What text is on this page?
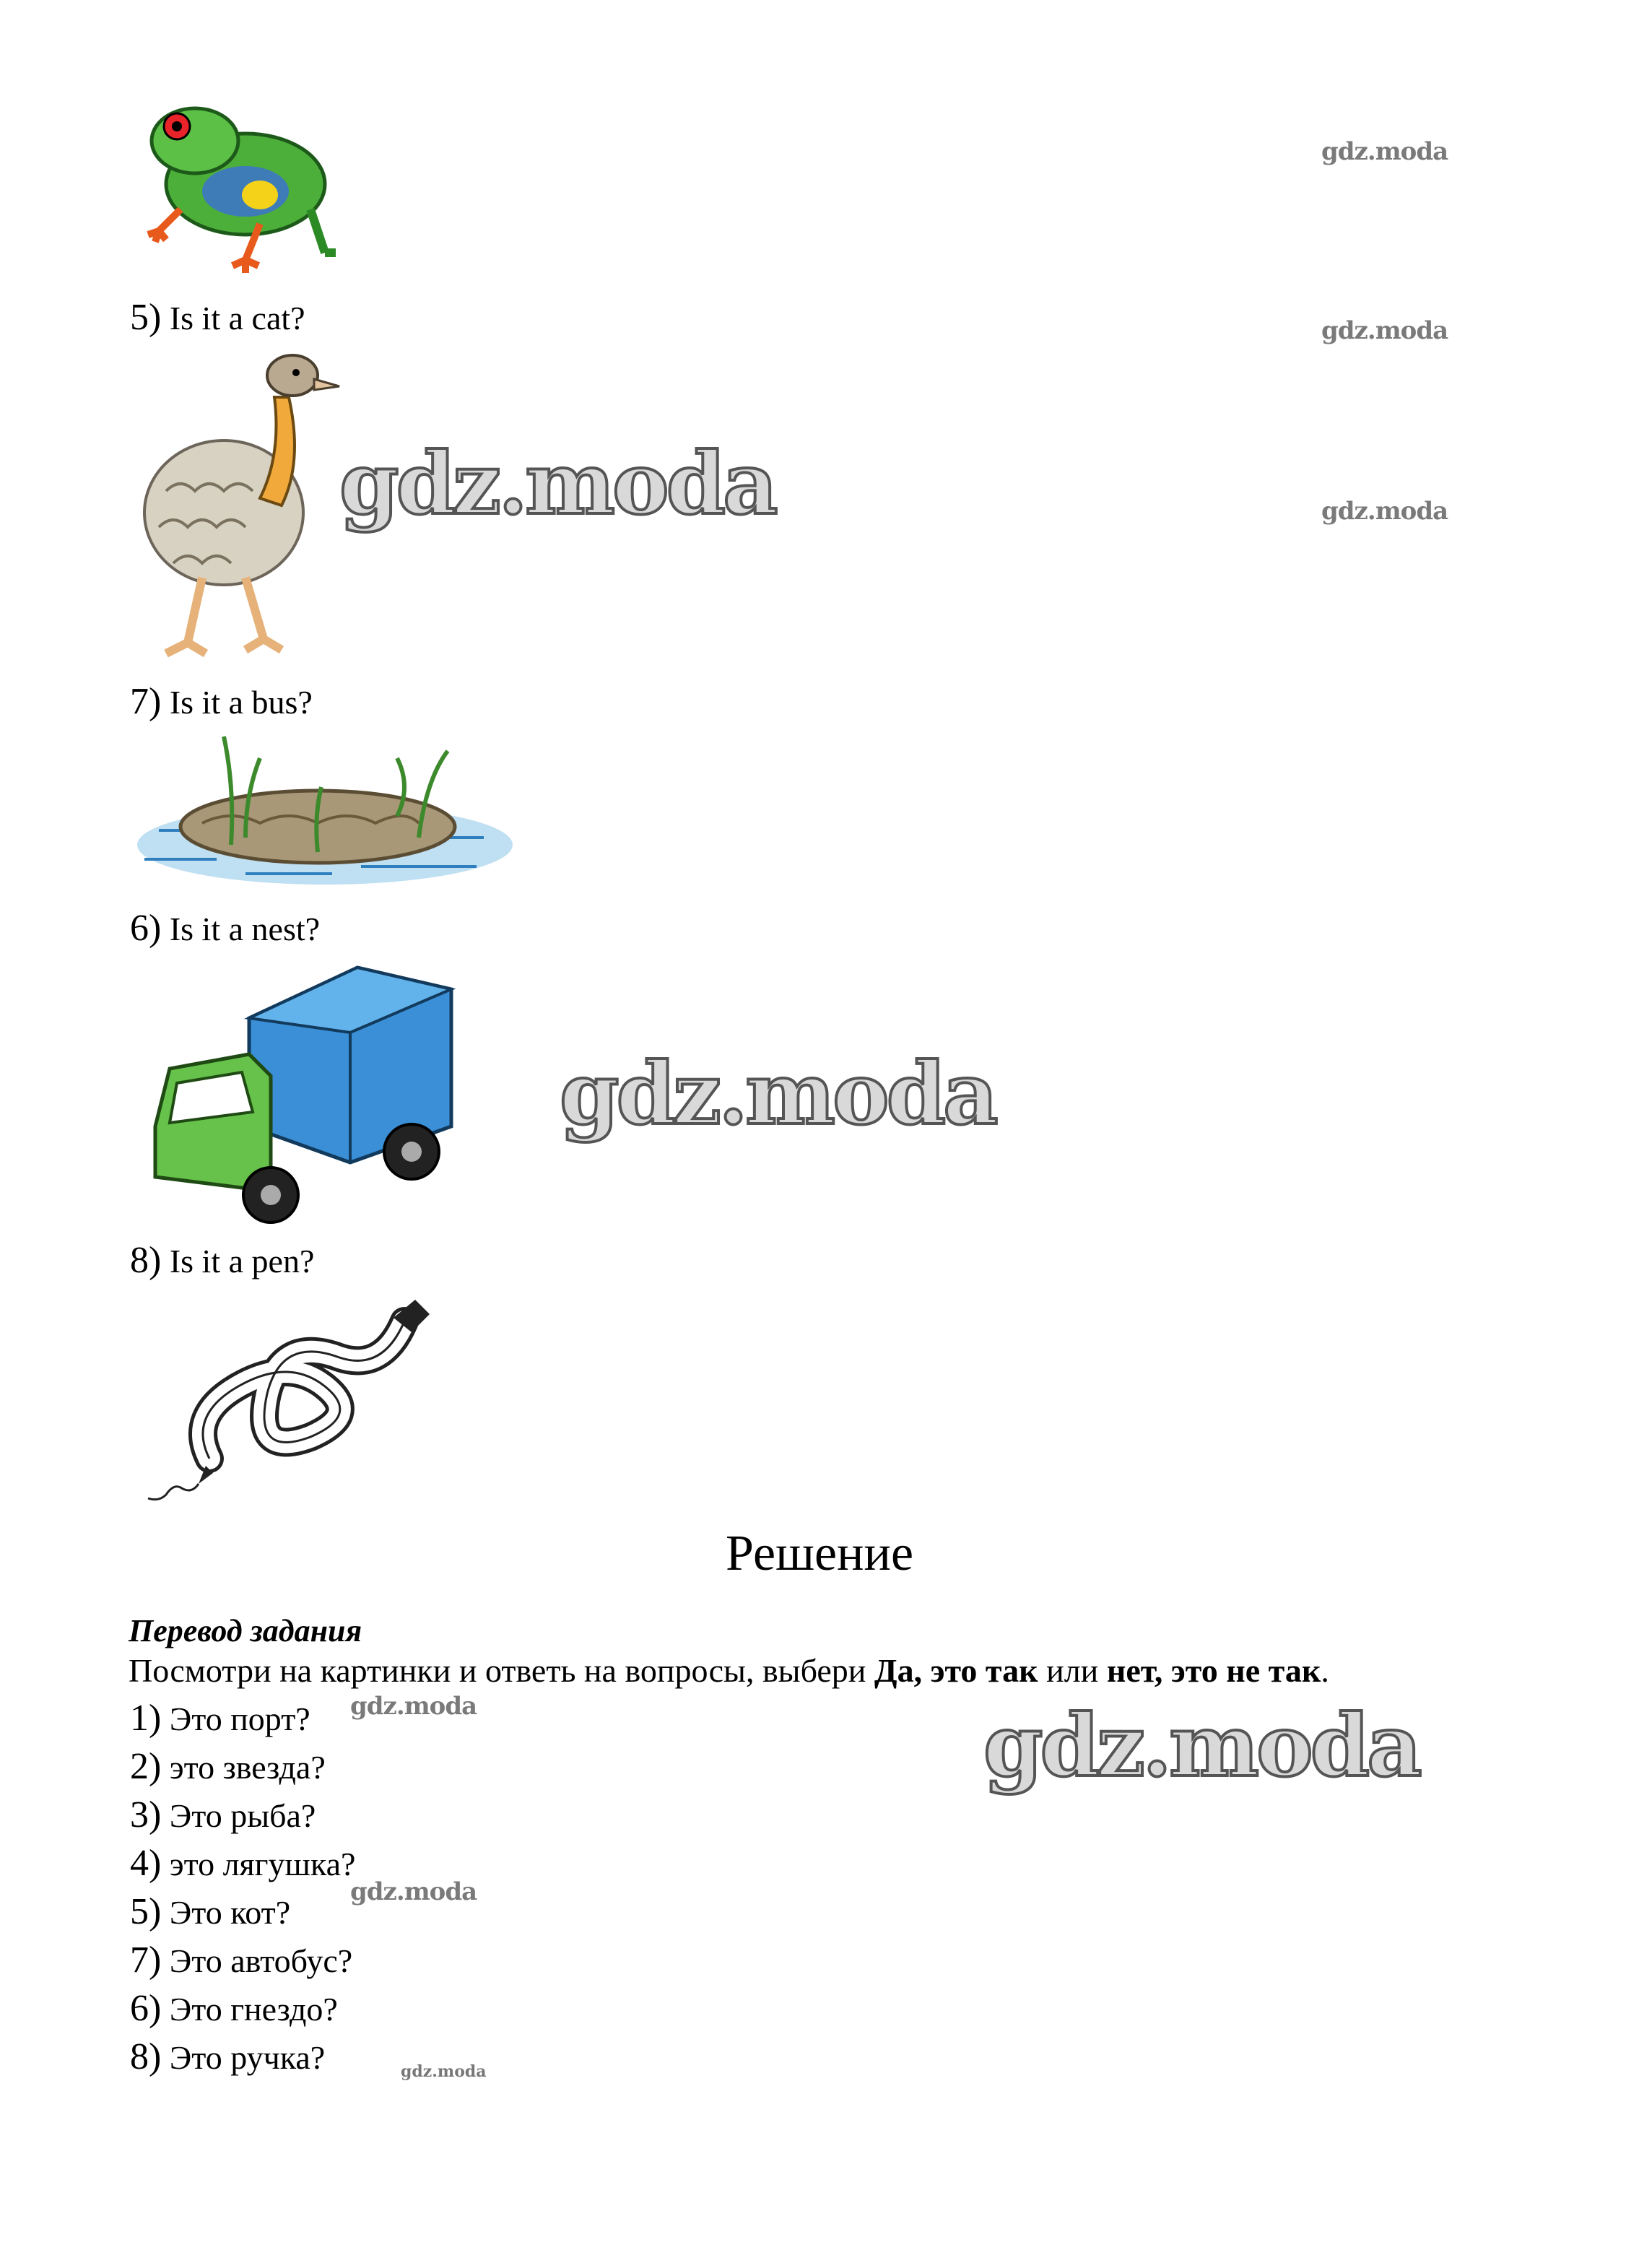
gdz.moda
5) Is it a cat?	gdz.moda
gdz.moda	gdz.moda
7) Is it a bus?
6) Is it a nest?
gdz.moda
8) Is it a pen?
Решение
Перевод задания
Посмотри на картинки и ответь на вопросы, выбери Да, это так или нет, это не так.
1) Это порт? gdz.moda	gdz.moda
2) это звезда?
3) Это рыба?
4) это лягушка?
5) Это кот?
gdz.moda
7) Это автобус?
6) Это гнездо?
8) Это ручка?	gdz.moda
